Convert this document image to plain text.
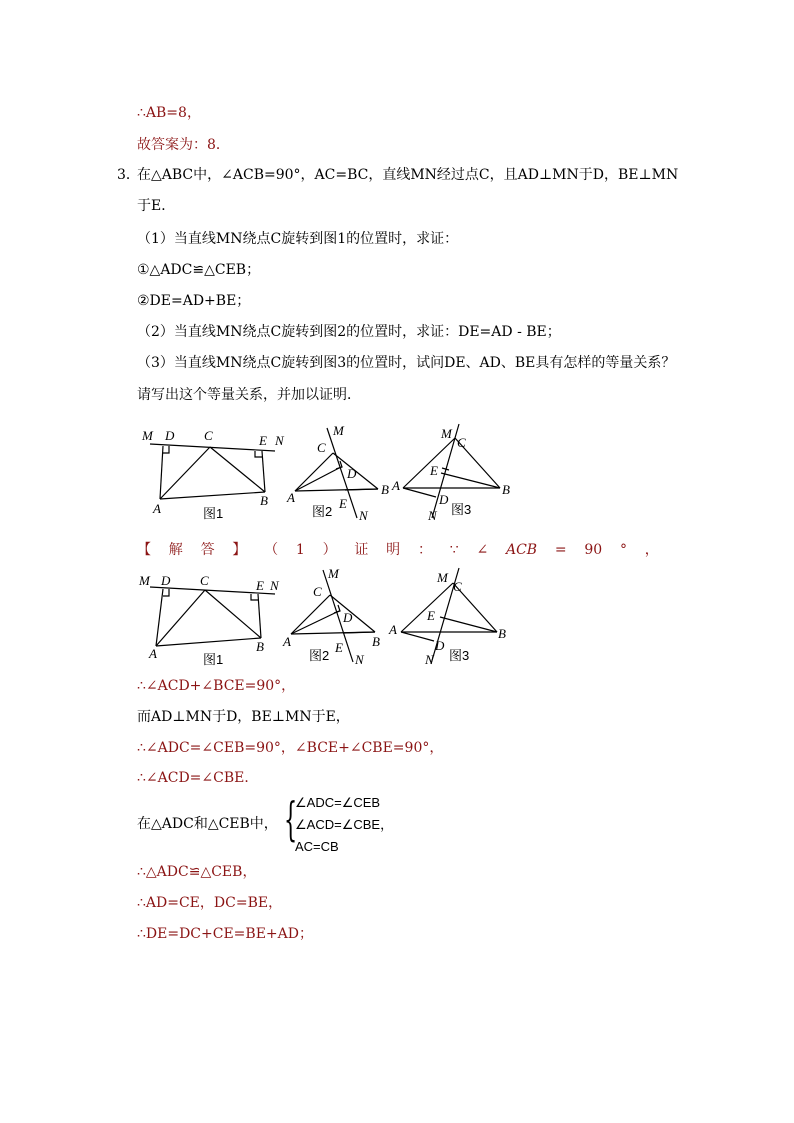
∴AB=8，
故答案为：8．
3．
在△ABC中，∠ACB=90°，AC=BC，直线MN经过点C，且AD⊥MN于D，BE⊥MN
于E．
（1）当直线MN绕点C旋转到图1的位置时，求证：
①△ADC≌△CEB；
②DE=AD+BE；
（2）当直线MN绕点C旋转到图2的位置时，求证：DE=AD - BE；
（3）当直线MN绕点C旋转到图3的位置时，试问DE、AD、BE具有怎样的等量关系？
请写出这个等量关系，并加以证明．
M D C	E N
A
B
图1
M
C
D
A	E
B
N
图2
M
C
E
A	B
D
N 图3
【 解 答 】 （ 1 ） 证 明 ： ∵ ∠ ACB = 90 ° ，
M D C	E N
A	B
图1
M
C
D
A	E B
N
图2
M
C
E
A	B
D
N 图3
∴∠ACD+∠BCE=90°，
而AD⊥MN于D，BE⊥MN于E，
∴∠ADC=∠CEB=90°，∠BCE+∠CBE=90°，
∴∠ACD=∠CBE．
在△ADC和△CEB中， {
∠ADC=∠CEB
∠ACD=∠CBE，
AC=CB
∴△ADC≌△CEB，
∴AD=CE，DC=BE，
∴DE=DC+CE=BE+AD；
